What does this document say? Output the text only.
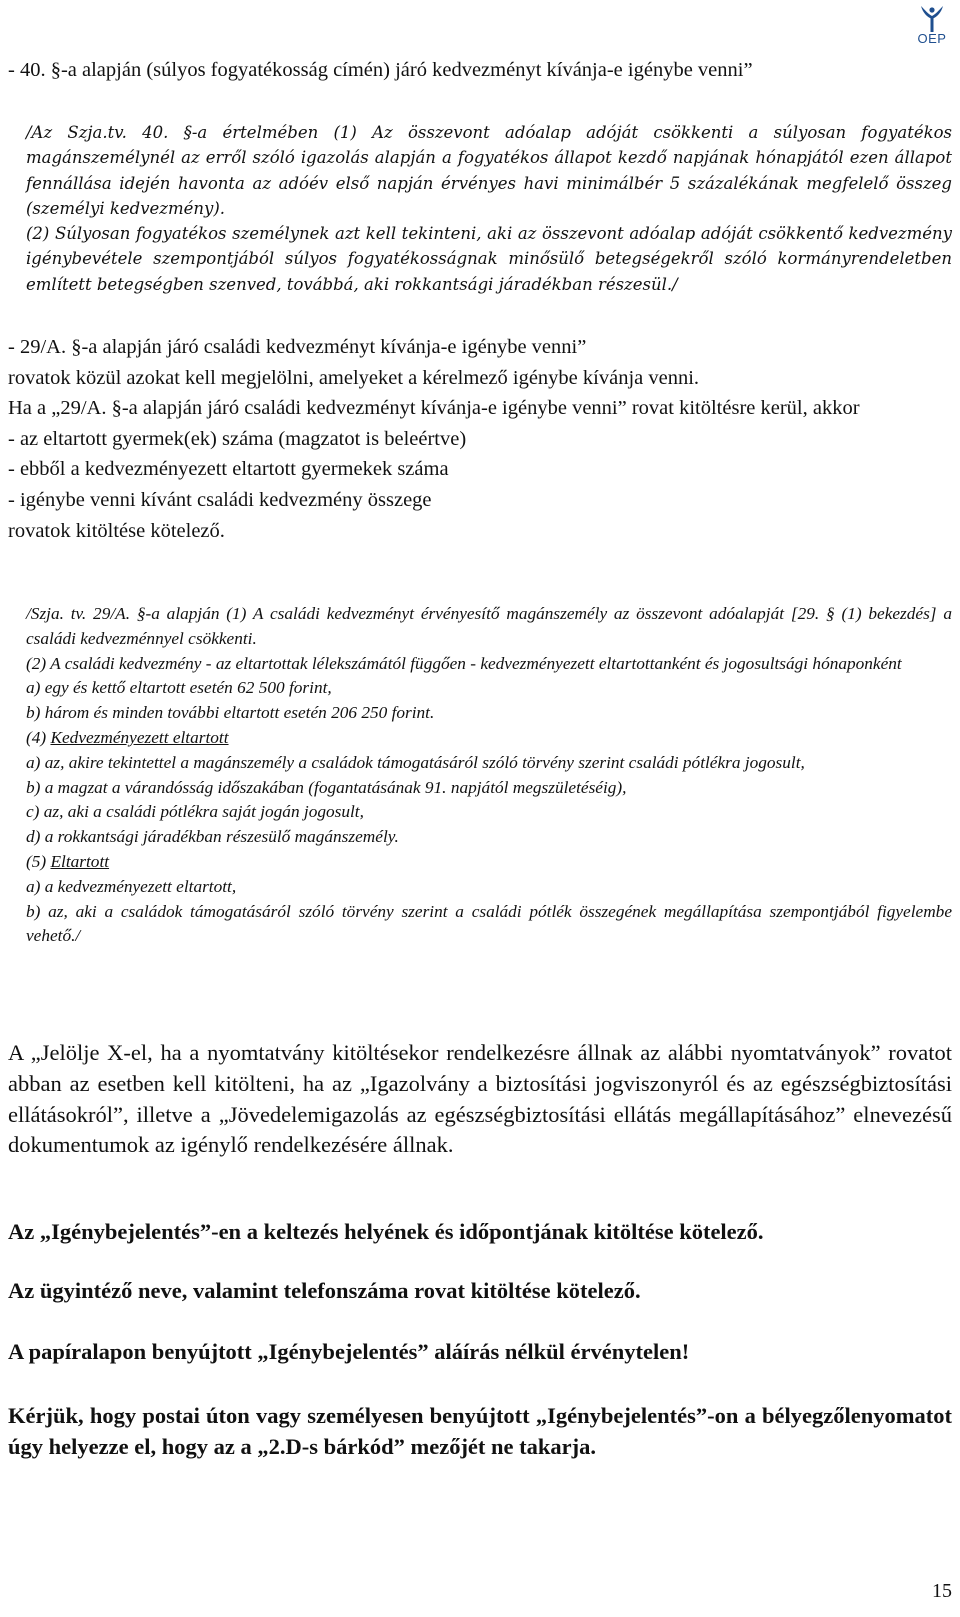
OEP

- 40. §-a alapján (súlyos fogyatékosság címén) járó kedvezményt kívánja-e igénybe venni”

/Az Szja.tv. 40. §-a értelmében (1) Az összevont adóalap adóját csökkenti a súlyosan fogyatékos magánszemélynél az erről szóló igazolás alapján a fogyatékos állapot kezdő napjának hónapjától ezen állapot fennállása idején havonta az adóév első napján érvényes havi minimálbér 5 százalékának megfelelő összeg (személyi kedvezmény).

(2) Súlyosan fogyatékos személynek azt kell tekinteni, aki az összevont adóalap adóját csökkentő kedvezmény igénybevétele szempontjából súlyos fogyatékosságnak minősülő betegségekről szóló kormányrendeletben említett betegségben szenved, továbbá, aki rokkantsági járadékban részesül./

- 29/A. §-a alapján járó családi kedvezményt kívánja-e igénybe venni”

rovatok közül azokat kell megjelölni, amelyeket a kérelmező igénybe kívánja venni.

Ha a „29/A. §-a alapján járó családi kedvezményt kívánja-e igénybe venni” rovat kitöltésre kerül, akkor

- az eltartott gyermek(ek) száma (magzatot is beleértve)

- ebből a kedvezményezett eltartott gyermekek száma

- igénybe venni kívánt családi kedvezmény összege

rovatok kitöltése kötelező.

/Szja. tv. 29/A. §-a alapján (1) A családi kedvezményt érvényesítő magánszemély az összevont adóalapját [29. § (1) bekezdés] a családi kedvezménnyel csökkenti.

(2) A családi kedvezmény - az eltartottak lélekszámától függően - kedvezményezett eltartottanként és jogosultsági hónaponként

a) egy és kettő eltartott esetén 62 500 forint,

b) három és minden további eltartott esetén 206 250 forint.

(4) Kedvezményezett eltartott

a) az, akire tekintettel a magánszemély a családok támogatásáról szóló törvény szerint családi pótlékra jogosult,

b) a magzat a várandósság időszakában (fogantatásának 91. napjától megszületéséig),

c) az, aki a családi pótlékra saját jogán jogosult,

d) a rokkantsági járadékban részesülő magánszemély.

(5) Eltartott

a) a kedvezményezett eltartott,

b) az, aki a családok támogatásáról szóló törvény szerint a családi pótlék összegének megállapítása szempontjából figyelembe vehető./

A „Jelölje X-el, ha a nyomtatvány kitöltésekor rendelkezésre állnak az alábbi nyomtatványok” rovatot abban az esetben kell kitölteni, ha az „Igazolvány a biztosítási jogviszonyról és az egészségbiztosítási ellátásokról”, illetve a „Jövedelemigazolás az egészségbiztosítási ellátás megállapításához” elnevezésű dokumentumok az igénylő rendelkezésére állnak.

Az „Igénybejelentés”-en a keltezés helyének és időpontjának kitöltése kötelező.
Az ügyintéző neve, valamint telefonszáma rovat kitöltése kötelező.
A papíralapon benyújtott „Igénybejelentés” aláírás nélkül érvénytelen!

Kérjük, hogy postai úton vagy személyesen benyújtott „Igénybejelentés”-on a bélyegzőlenyomatot úgy helyezze el, hogy az a „2.D-s bárkód” mezőjét ne takarja.

15
